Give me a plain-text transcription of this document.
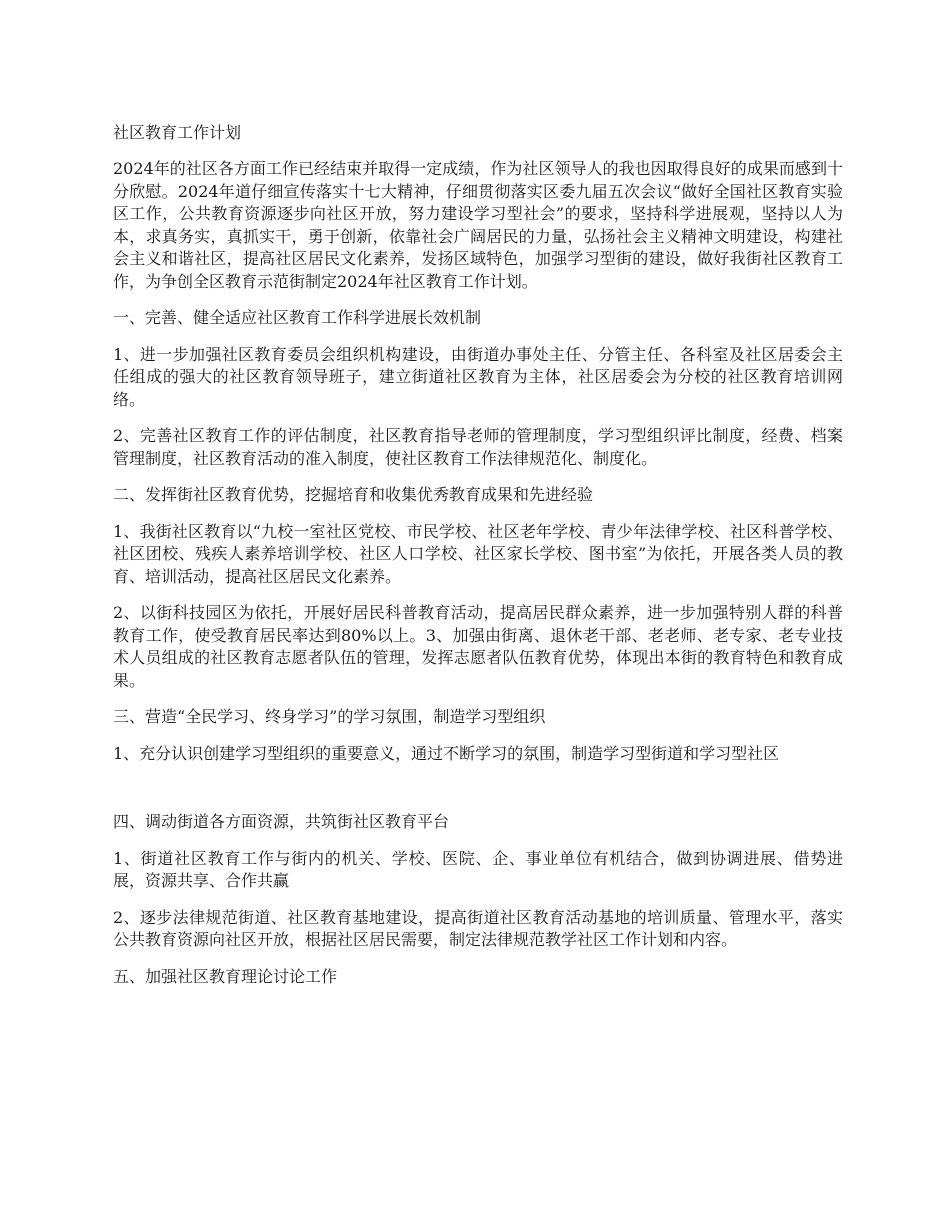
社区教育工作计划

2024年的社区各方面工作已经结束并取得一定成绩，作为社区领导人的我也因取得良好的成果而感到十分欣慰。2024年道仔细宣传落实十七大精神，仔细贯彻落实区委九届五次会议“做好全国社区教育实验区工作，公共教育资源逐步向社区开放，努力建设学习型社会”的要求，坚持科学进展观，坚持以人为本，求真务实，真抓实干，勇于创新，依靠社会广阔居民的力量，弘扬社会主义精神文明建设，构建社会主义和谐社区，提高社区居民文化素养，发扬区域特色，加强学习型街的建设，做好我街社区教育工作，为争创全区教育示范街制定2024年社区教育工作计划。

一、完善、健全适应社区教育工作科学进展长效机制

1、进一步加强社区教育委员会组织机构建设，由街道办事处主任、分管主任、各科室及社区居委会主任组成的强大的社区教育领导班子，建立街道社区教育为主体，社区居委会为分校的社区教育培训网络。

2、完善社区教育工作的评估制度，社区教育指导老师的管理制度，学习型组织评比制度，经费、档案管理制度，社区教育活动的准入制度，使社区教育工作法律规范化、制度化。

二、发挥街社区教育优势，挖掘培育和收集优秀教育成果和先进经验

1、我街社区教育以“九校一室社区党校、市民学校、社区老年学校、青少年法律学校、社区科普学校、社区团校、残疾人素养培训学校、社区人口学校、社区家长学校、图书室”为依托，开展各类人员的教育、培训活动，提高社区居民文化素养。

2、以街科技园区为依托，开展好居民科普教育活动，提高居民群众素养，进一步加强特别人群的科普教育工作，使受教育居民率达到80%以上。3、加强由街离、退休老干部、老老师、老专家、老专业技术人员组成的社区教育志愿者队伍的管理，发挥志愿者队伍教育优势，体现出本街的教育特色和教育成果。

三、营造“全民学习、终身学习”的学习氛围，制造学习型组织

1、充分认识创建学习型组织的重要意义，通过不断学习的氛围，制造学习型街道和学习型社区

四、调动街道各方面资源，共筑街社区教育平台

1、街道社区教育工作与街内的机关、学校、医院、企、事业单位有机结合，做到协调进展、借势进展，资源共享、合作共赢

2、逐步法律规范街道、社区教育基地建设，提高街道社区教育活动基地的培训质量、管理水平，落实公共教育资源向社区开放，根据社区居民需要，制定法律规范教学社区工作计划和内容。

五、加强社区教育理论讨论工作
